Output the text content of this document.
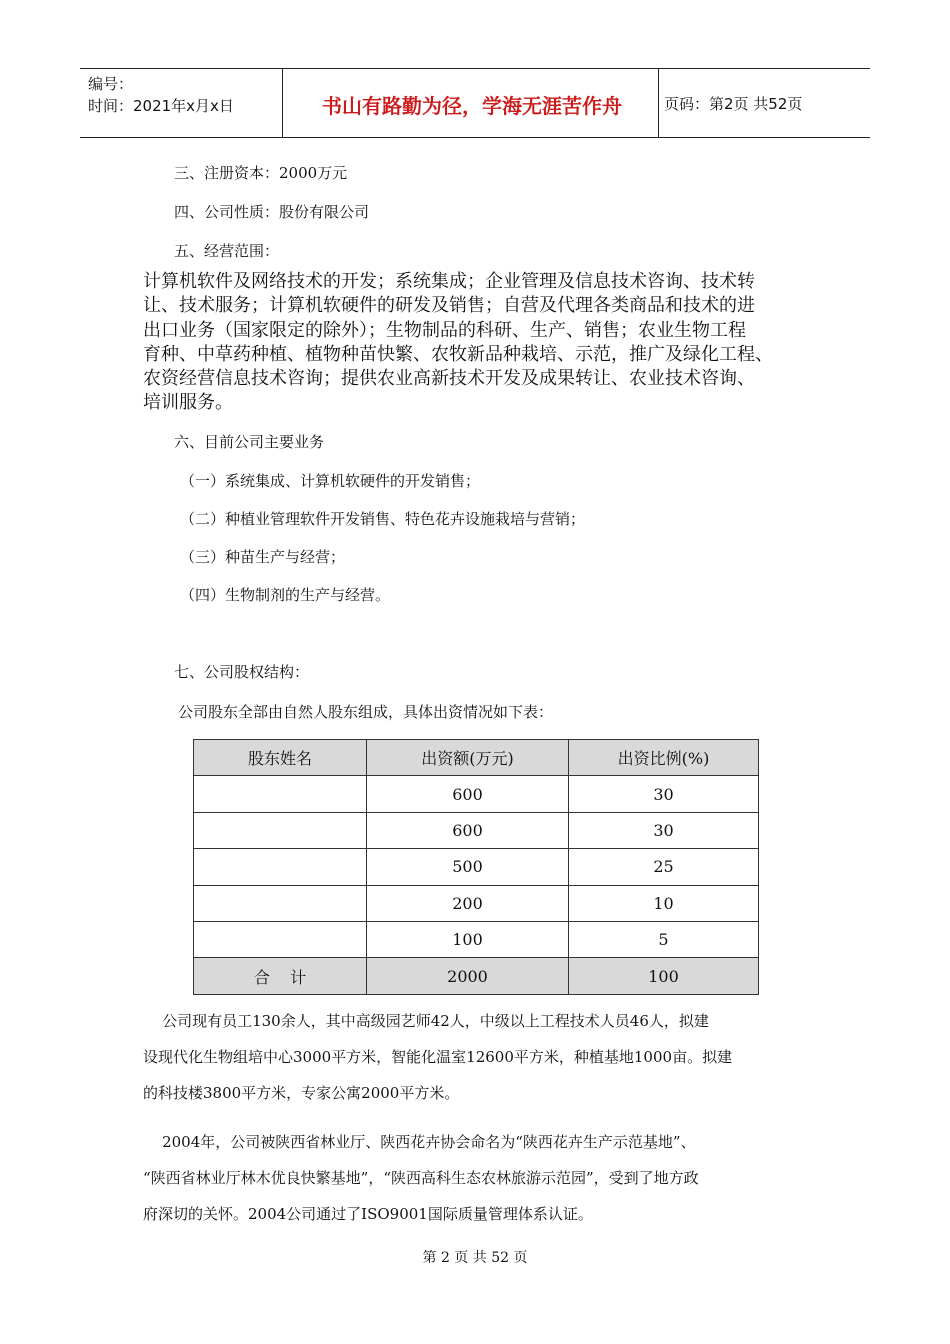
编号：
时间：2021年x月x日	书山有路勤为径，学海无涯苦作舟	页码：第2页 共52页
三、注册资本：2000万元
四、公司性质：股份有限公司
五、经营范围：
计算机软件及网络技术的开发；系统集成；企业管理及信息技术咨询、技术转
让、技术服务；计算机软硬件的研发及销售；自营及代理各类商品和技术的进
出口业务（国家限定的除外）；生物制品的科研、生产、销售；农业生物工程
育种、中草药种植、植物种苗快繁、农牧新品种栽培、示范，推广及绿化工程、
农资经营信息技术咨询；提供农业高新技术开发及成果转让、农业技术咨询、
培训服务。
六、目前公司主要业务
（一）系统集成、计算机软硬件的开发销售；
（二）种植业管理软件开发销售、特色花卉设施栽培与营销；
（三）种苗生产与经营；
（四）生物制剂的生产与经营。
七、公司股权结构：
公司股东全部由自然人股东组成，具体出资情况如下表：
股东姓名	出资额(万元)	出资比例(%)
	600	30
	600	30
	500	25
	200	10
	100	5
合    计	2000	100
公司现有员工130余人，其中高级园艺师42人，中级以上工程技术人员46人，拟建
设现代化生物组培中心3000平方米，智能化温室12600平方米，种植基地1000亩。拟建
的科技楼3800平方米，专家公寓2000平方米。
2004年，公司被陕西省林业厅、陕西花卉协会命名为“陕西花卉生产示范基地”、
“陕西省林业厅林木优良快繁基地”，“陕西高科生态农林旅游示范园”，受到了地方政
府深切的关怀。2004公司通过了ISO9001国际质量管理体系认证。
第 2 页 共 52 页
